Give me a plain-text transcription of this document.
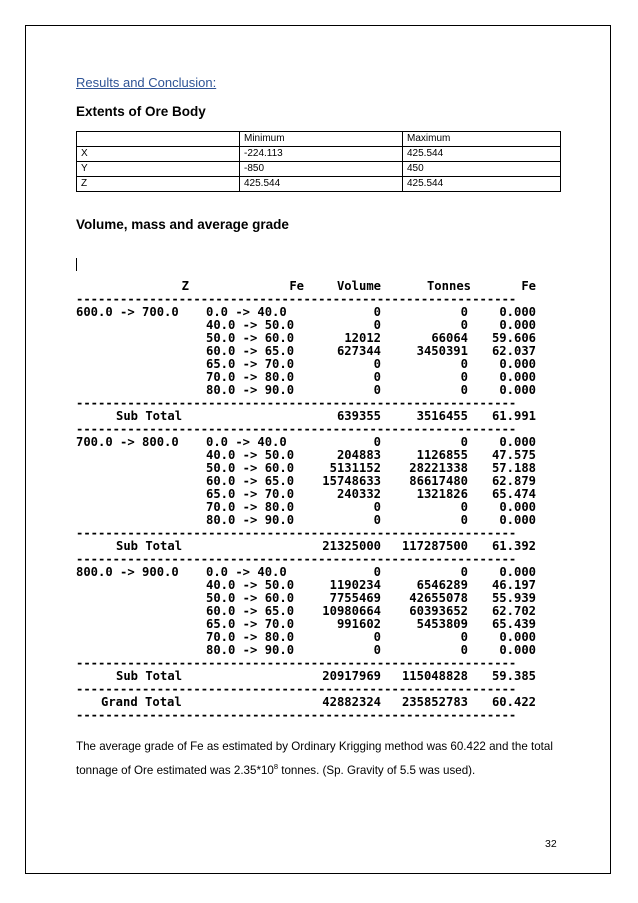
Results and Conclusion:
Extents of Ore Body
	Minimum	Maximum
X	-224.113	425.544
Y	-850	450
Z	425.544	425.544
Volume, mass and average grade
Z	Fe	Volume	Tonnes	Fe
------------------------------------------------------------
600.0 -> 700.0 0.0 -> 40.0	0	0	0.000
40.0 -> 50.0	0	0	0.000
50.0 -> 60.0	12012	66064 59.606
60.0 -> 65.0	627344	3450391 62.037
65.0 -> 70.0	0	0	0.000
70.0 -> 80.0	0	0	0.000
80.0 -> 90.0	0	0	0.000
------------------------------------------------------------
Sub Total	639355	3516455 61.991
------------------------------------------------------------
700.0 -> 800.0 0.0 -> 40.0	0	0	0.000
40.0 -> 50.0	204883	1126855 47.575
50.0 -> 60.0	5131152 28221338 57.188
60.0 -> 65.0 15748633 86617480 62.879
65.0 -> 70.0	240332	1321826 65.474
70.0 -> 80.0	0	0	0.000
80.0 -> 90.0	0	0	0.000
------------------------------------------------------------
Sub Total	21325000 117287500 61.392
------------------------------------------------------------
800.0 -> 900.0 0.0 -> 40.0	0	0	0.000
40.0 -> 50.0	1190234	6546289 46.197
50.0 -> 60.0	7755469 42655078 55.939
60.0 -> 65.0 10980664 60393652 62.702
65.0 -> 70.0	991602	5453809 65.439
70.0 -> 80.0	0	0	0.000
80.0 -> 90.0	0	0	0.000
------------------------------------------------------------
Sub Total	20917969 115048828 59.385
------------------------------------------------------------
Grand Total	42882324 235852783 60.422
------------------------------------------------------------
The average grade of Fe as estimated by Ordinary Krigging method was 60.422 and the total tonnage of Ore estimated was $2.35*10^8$ tonnes. (Sp. Gravity of 5.5 was used).
32
